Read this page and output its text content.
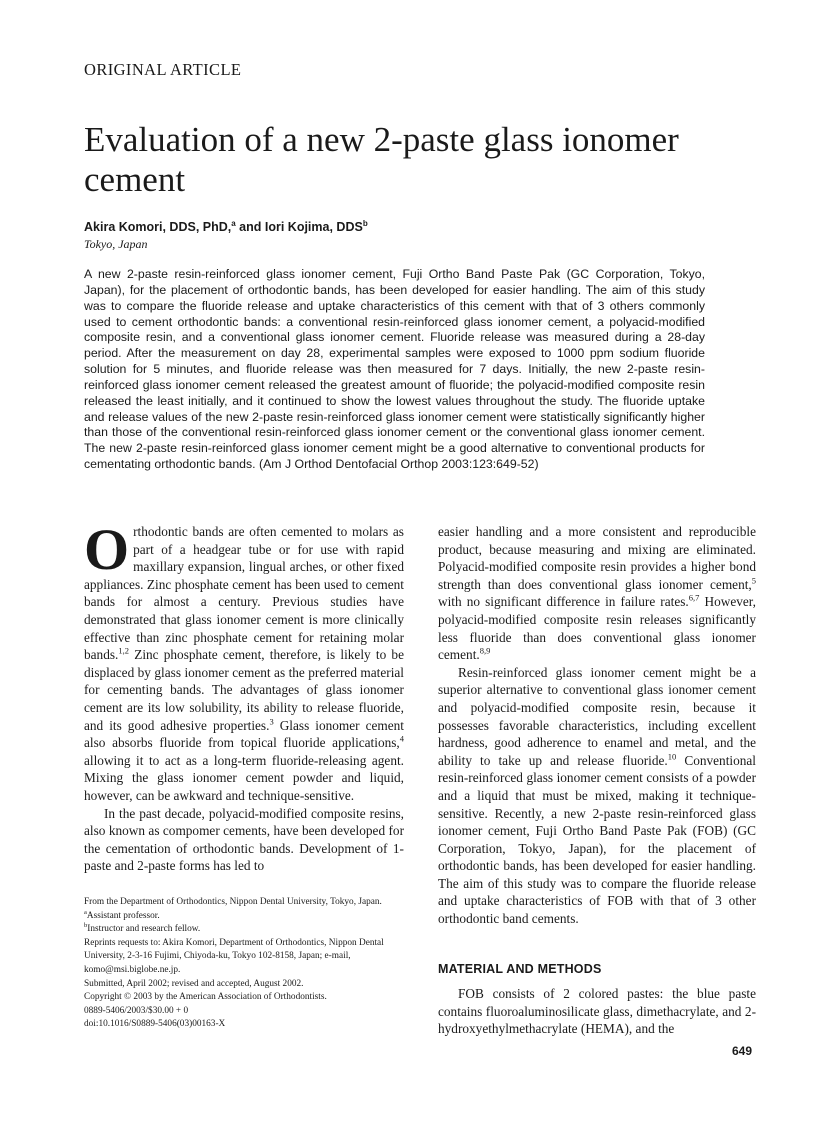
ORIGINAL ARTICLE
Evaluation of a new 2-paste glass ionomer cement
Akira Komori, DDS, PhD,$^a$ and Iori Kojima, DDS$^b$
Tokyo, Japan

A new 2-paste resin-reinforced glass ionomer cement, Fuji Ortho Band Paste Pak (GC Corporation, Tokyo, Japan), for the placement of orthodontic bands, has been developed for easier handling. The aim of this study was to compare the fluoride release and uptake characteristics of this cement with that of 3 others commonly used to cement orthodontic bands: a conventional resin-reinforced glass ionomer cement, a polyacid-modified composite resin, and a conventional glass ionomer cement. Fluoride release was measured during a 28-day period. After the measurement on day 28, experimental samples were exposed to 1000 ppm sodium fluoride solution for 5 minutes, and fluoride release was then measured for 7 days. Initially, the new 2-paste resin-reinforced glass ionomer cement released the greatest amount of fluoride; the polyacid-modified composite resin released the least initially, and it continued to show the lowest values throughout the study. The fluoride uptake and release values of the new 2-paste resin-reinforced glass ionomer cement were statistically significantly higher than those of the conventional resin-reinforced glass ionomer cement or the conventional glass ionomer cement. The new 2-paste resin-reinforced glass ionomer cement might be a good alternative to conventional products for cementating orthodontic bands. (Am J Orthod Dentofacial Orthop 2003:123:649-52)

Orthodontic bands are often cemented to molars as part of a headgear tube or for use with rapid maxillary expansion, lingual arches, or other fixed appliances. Zinc phosphate cement has been used to cement bands for almost a century. Previous studies have demonstrated that glass ionomer cement is more clinically effective than zinc phosphate cement for retaining molar bands.$^{1,2}$ Zinc phosphate cement, therefore, is likely to be displaced by glass ionomer cement as the preferred material for cementing bands. The advantages of glass ionomer cement are its low solubility, its ability to release fluoride, and its good adhesive properties.$^3$ Glass ionomer cement also absorbs fluoride from topical fluoride applications,$^4$ allowing it to act as a long-term fluoride-releasing agent. Mixing the glass ionomer cement powder and liquid, however, can be awkward and technique-sensitive.

In the past decade, polyacid-modified composite resins, also known as compomer cements, have been developed for the cementation of orthodontic bands. Development of 1-paste and 2-paste forms has led to

From the Department of Orthodontics, Nippon Dental University, Tokyo, Japan.

$^a$Assistant professor.

$^b$Instructor and research fellow.

Reprints requests to: Akira Komori, Department of Orthodontics, Nippon Dental University, 2-3-16 Fujimi, Chiyoda-ku, Tokyo 102-8158, Japan; e-mail, komo@msi.biglobe.ne.jp.

Submitted, April 2002; revised and accepted, August 2002.

Copyright © 2003 by the American Association of Orthodontists.

0889-5406/2003/$30.00 + 0

doi:10.1016/S0889-5406(03)00163-X

easier handling and a more consistent and reproducible product, because measuring and mixing are eliminated. Polyacid-modified composite resin provides a higher bond strength than does conventional glass ionomer cement,$^5$ with no significant difference in failure rates.$^{6,7}$ However, polyacid-modified composite resin releases significantly less fluoride than does conventional glass ionomer cement.$^{8,9}$

Resin-reinforced glass ionomer cement might be a superior alternative to conventional glass ionomer cement and polyacid-modified composite resin, because it possesses favorable characteristics, including excellent hardness, good adherence to enamel and metal, and the ability to take up and release fluoride.$^{10}$ Conventional resin-reinforced glass ionomer cement consists of a powder and a liquid that must be mixed, making it technique-sensitive. Recently, a new 2-paste resin-reinforced glass ionomer cement, Fuji Ortho Band Paste Pak (FOB) (GC Corporation, Tokyo, Japan), for the placement of orthodontic bands, has been developed for easier handling. The aim of this study was to compare the fluoride release and uptake characteristics of FOB with that of 3 other orthodontic band cements.

MATERIAL AND METHODS

FOB consists of 2 colored pastes: the blue paste contains fluoroaluminosilicate glass, dimethacrylate, and 2-hydroxyethylmethacrylate (HEMA), and the

649
